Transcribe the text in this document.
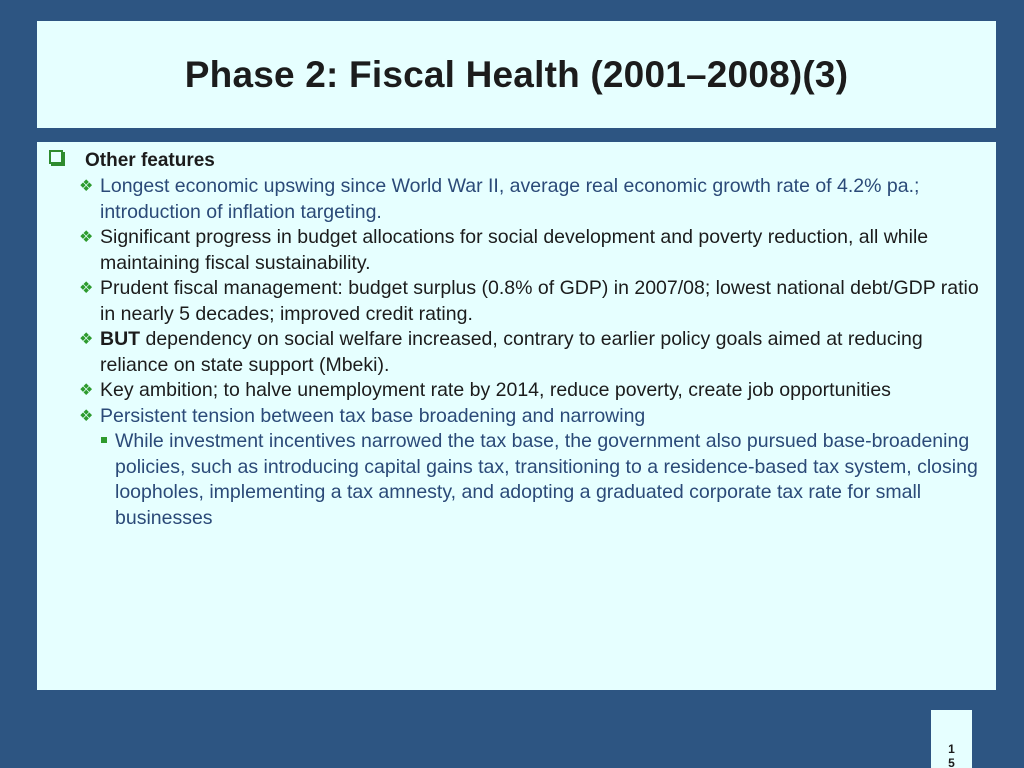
Phase 2: Fiscal Health (2001–2008)(3)
Other features
❖ Longest economic upswing since World War II, average real economic growth rate of 4.2% pa.; introduction of inflation targeting.
❖ Significant progress in budget allocations for social development and poverty reduction, all while maintaining fiscal sustainability.
❖ Prudent fiscal management: budget surplus (0.8% of GDP) in 2007/08; lowest national debt/GDP ratio in nearly 5 decades; improved credit rating.
❖ BUT dependency on social welfare increased, contrary to earlier policy goals aimed at reducing reliance on state support (Mbeki).
❖ Key ambition; to halve unemployment rate by 2014, reduce poverty, create job opportunities
❖ Persistent tension between tax base broadening and narrowing
While investment incentives narrowed the tax base, the government also pursued base-broadening policies, such as introducing capital gains tax, transitioning to a residence-based tax system, closing loopholes, implementing a tax amnesty, and adopting a graduated corporate tax rate for small businesses
15
